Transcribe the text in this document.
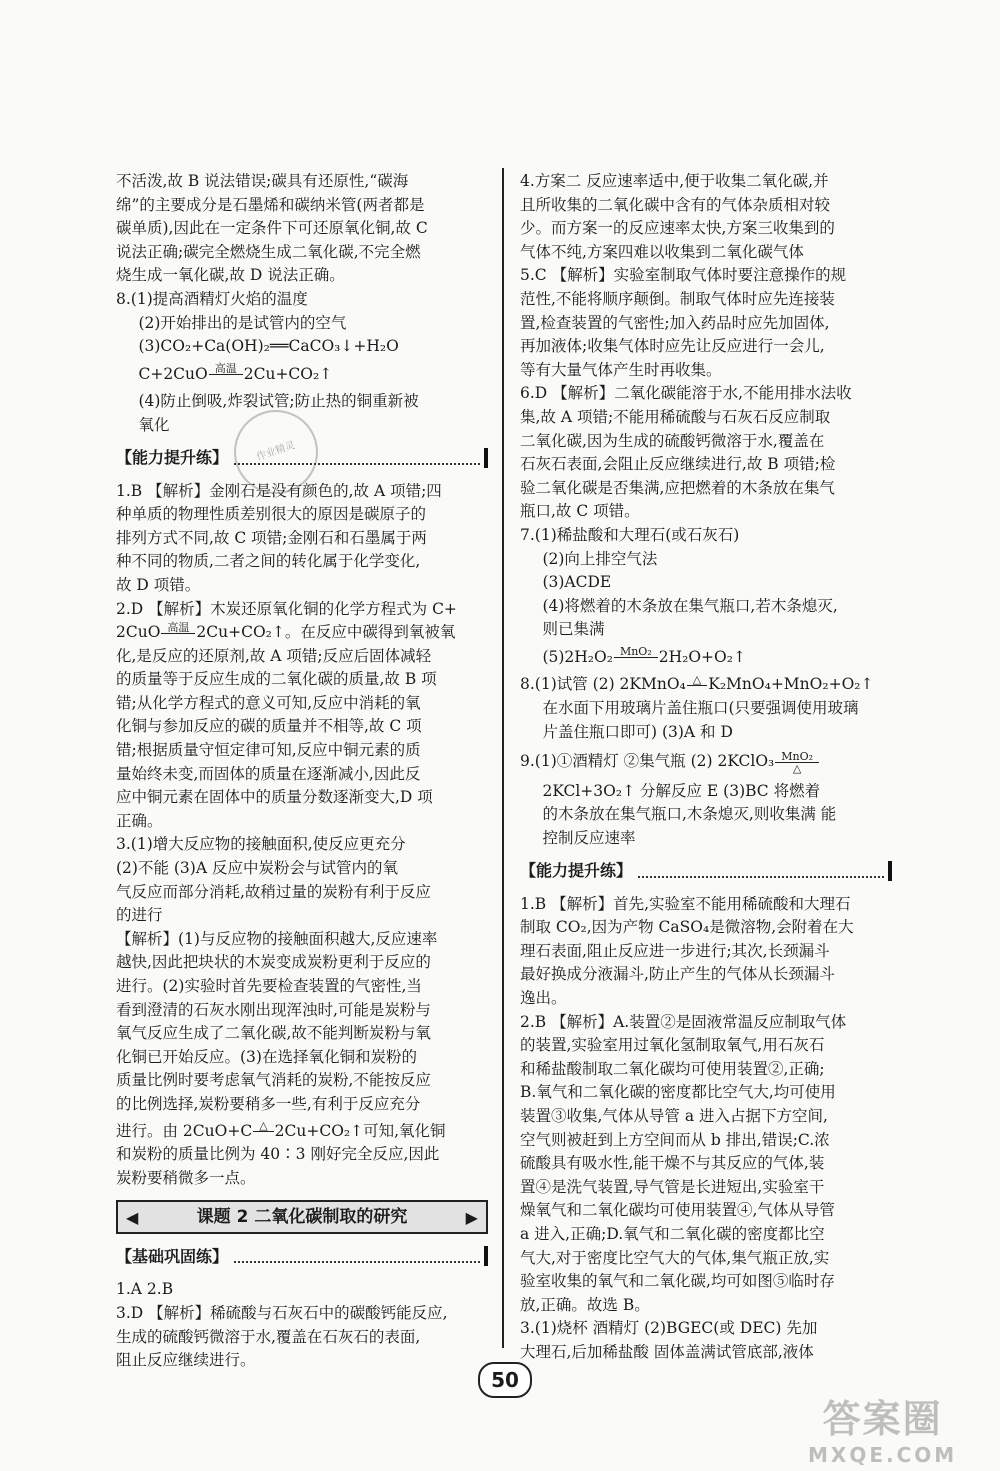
不活泼,故 B 说法错误;碳具有还原性,“碳海

绵”的主要成分是石墨烯和碳纳米管(两者都是

碳单质),因此在一定条件下可还原氧化铜,故 C

说法正确;碳完全燃烧生成二氧化碳,不完全燃

烧生成一氧化碳,故 D 说法正确。

8.(1)提高酒精灯火焰的温度

(2)开始排出的是试管内的空气

(3)CO₂+Ca(OH)₂══CaCO₃↓+H₂O

C+2CuO 高温 2Cu+CO₂↑

(4)防止倒吸,炸裂试管;防止热的铜重新被

氧化

【能力提升练】

1.B 【解析】金刚石是没有颜色的,故 A 项错;四

种单质的物理性质差别很大的原因是碳原子的

排列方式不同,故 C 项错;金刚石和石墨属于两

种不同的物质,二者之间的转化属于化学变化,

故 D 项错。

2.D 【解析】木炭还原氧化铜的化学方程式为 C+

2CuO 高温 2Cu+CO₂↑。在反应中碳得到氧被氧

化,是反应的还原剂,故 A 项错;反应后固体减轻

的质量等于反应生成的二氧化碳的质量,故 B 项

错;从化学方程式的意义可知,反应中消耗的氧

化铜与参加反应的碳的质量并不相等,故 C 项

错;根据质量守恒定律可知,反应中铜元素的质

量始终未变,而固体的质量在逐渐减小,因此反

应中铜元素在固体中的质量分数逐渐变大,D 项

正确。

3.(1)增大反应物的接触面积,使反应更充分

(2)不能 (3)A 反应中炭粉会与试管内的氧

气反应而部分消耗,故稍过量的炭粉有利于反应

的进行

【解析】(1)与反应物的接触面积越大,反应速率

越快,因此把块状的木炭变成炭粉更利于反应的

进行。(2)实验时首先要检查装置的气密性,当

看到澄清的石灰水刚出现浑浊时,可能是炭粉与

氧气反应生成了二氧化碳,故不能判断炭粉与氧

化铜已开始反应。(3)在选择氧化铜和炭粉的

质量比例时要考虑氧气消耗的炭粉,不能按反应

的比例选择,炭粉要稍多一些,有利于反应充分

进行。由 2CuO+C △ 2Cu+CO₂↑可知,氧化铜

和炭粉的质量比例为 40∶3 刚好完全反应,因此

炭粉要稍微多一点。

◀	课题 2 二氧化碳制取的研究	▶
【基础巩固练】

1.A 2.B

3.D 【解析】稀硫酸与石灰石中的碳酸钙能反应,

生成的硫酸钙微溶于水,覆盖在石灰石的表面,

阻止反应继续进行。

4.方案二 反应速率适中,便于收集二氧化碳,并

且所收集的二氧化碳中含有的气体杂质相对较

少。而方案一的反应速率太快,方案三收集到的

气体不纯,方案四难以收集到二氧化碳气体

5.C 【解析】实验室制取气体时要注意操作的规

范性,不能将顺序颠倒。制取气体时应先连接装

置,检查装置的气密性;加入药品时应先加固体,

再加液体;收集气体时应先让反应进行一会儿,

等有大量气体产生时再收集。

6.D 【解析】二氧化碳能溶于水,不能用排水法收

集,故 A 项错;不能用稀硫酸与石灰石反应制取

二氧化碳,因为生成的硫酸钙微溶于水,覆盖在

石灰石表面,会阻止反应继续进行,故 B 项错;检

验二氧化碳是否集满,应把燃着的木条放在集气

瓶口,故 C 项错。

7.(1)稀盐酸和大理石(或石灰石)

(2)向上排空气法

(3)ACDE

(4)将燃着的木条放在集气瓶口,若木条熄灭,

则已集满

(5)2H₂O₂ MnO₂ 2H₂O+O₂↑

8.(1)试管 (2) 2KMnO₄ △ K₂MnO₄+MnO₂+O₂↑

在水面下用玻璃片盖住瓶口(只要强调使用玻璃

片盖住瓶口即可) (3)A 和 D

9.(1)①酒精灯 ②集气瓶 (2) 2KClO₃ $\frac{\text{MnO₂}}{\triangle}$

2KCl+3O₂↑ 分解反应 E (3)BC 将燃着

的木条放在集气瓶口,木条熄灭,则收集满 能

控制反应速率

【能力提升练】

1.B 【解析】首先,实验室不能用稀硫酸和大理石

制取 CO₂,因为产物 CaSO₄是微溶物,会附着在大

理石表面,阻止反应进一步进行;其次,长颈漏斗

最好换成分液漏斗,防止产生的气体从长颈漏斗

逸出。

2.B 【解析】A.装置②是固液常温反应制取气体

的装置,实验室用过氧化氢制取氧气,用石灰石

和稀盐酸制取二氧化碳均可使用装置②,正确;

B.氧气和二氧化碳的密度都比空气大,均可使用

装置③收集,气体从导管 a 进入占据下方空间,

空气则被赶到上方空间而从 b 排出,错误;C.浓

硫酸具有吸水性,能干燥不与其反应的气体,装

置④是洗气装置,导气管是长进短出,实验室干

燥氧气和二氧化碳均可使用装置④,气体从导管

a 进入,正确;D.氧气和二氧化碳的密度都比空

气大,对于密度比空气大的气体,集气瓶正放,实

验室收集的氧气和二氧化碳,均可如图⑤临时存

放,正确。故选 B。

3.(1)烧杯 酒精灯 (2)BGEC(或 DEC) 先加

大理石,后加稀盐酸 固体盖满试管底部,液体

作业精灵
50
答案圈
MXQE.COM
